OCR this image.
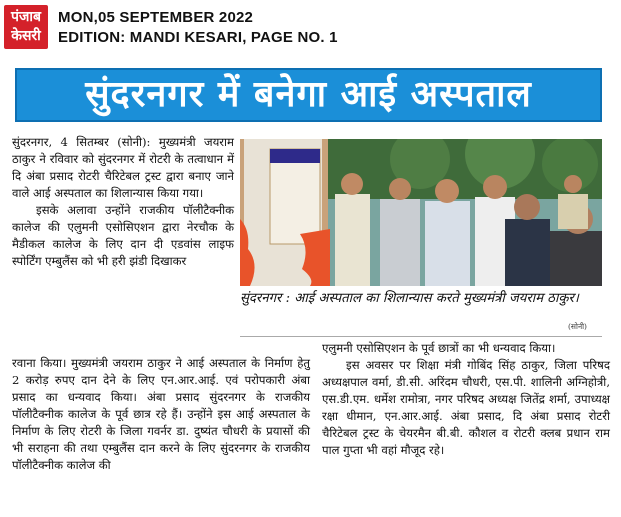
पंजाब
केसरी
MON,05 SEPTEMBER 2022
EDITION: MANDI KESARI, PAGE NO. 1
सुंदरनगर में बनेगा आई अस्पताल

सुंदरनगर, 4 सितम्बर (सोनी): मुख्यमंत्री जयराम ठाकुर ने रविवार को सुंदरनगर में रोटरी के तत्वाधान में दि अंबा प्रसाद रोटरी चैरिटेबल ट्रस्ट द्वारा बनाए जाने वाले आई अस्पताल का शिलान्यास किया गया।

इसके अलावा उन्होंने राजकीय पॉलीटैक्नीक कालेज की एलुमनी एसोसिएशन द्वारा नेरचौक के मैडीकल कालेज के लिए दान दी एडवांस लाइफ स्पोर्टिंग एम्बुलैंस को भी हरी झंडी दिखाकर

सुंदरनगर : आई अस्पताल का शिलान्यास करते मुख्यमंत्री जयराम ठाकुर।
(सोनी)

रवाना किया। मुख्यमंत्री जयराम ठाकुर ने आई अस्पताल के निर्माण हेतु 2 करोड़ रुपए दान देने के लिए एन.आर.आई. एवं परोपकारी अंबा प्रसाद का धन्यवाद किया। अंबा प्रसाद सुंदरनगर के राजकीय पॉलीटैक्नीक कालेज के पूर्व छात्र रहे हैं। उन्होंने इस आई अस्पताल के निर्माण के लिए रोटरी के जिला गवर्नर डा. दुष्यंत चौधरी के प्रयासों की भी सराहना की तथा एम्बुलैंस दान करने के लिए सुंदरनगर के राजकीय पॉलीटैक्नीक कालेज की

एलुमनी एसोसिएशन के पूर्व छात्रों का भी धन्यवाद किया।

इस अवसर पर शिक्षा मंत्री गोबिंद सिंह ठाकुर, जिला परिषद अध्यक्षपाल वर्मा, डी.सी. अरिंदम चौधरी, एस.पी. शालिनी अग्निहोत्री, एस.डी.एम. धर्मेश रामोत्रा, नगर परिषद अध्यक्ष जितेंद्र शर्मा, उपाध्यक्ष रक्षा धीमान, एन.आर.आई. अंबा प्रसाद, दि अंबा प्रसाद रोटरी चैरिटेबल ट्रस्ट के चेयरमैन बी.बी. कौशल व रोटरी क्लब प्रधान राम पाल गुप्ता भी वहां मौजूद रहे।
